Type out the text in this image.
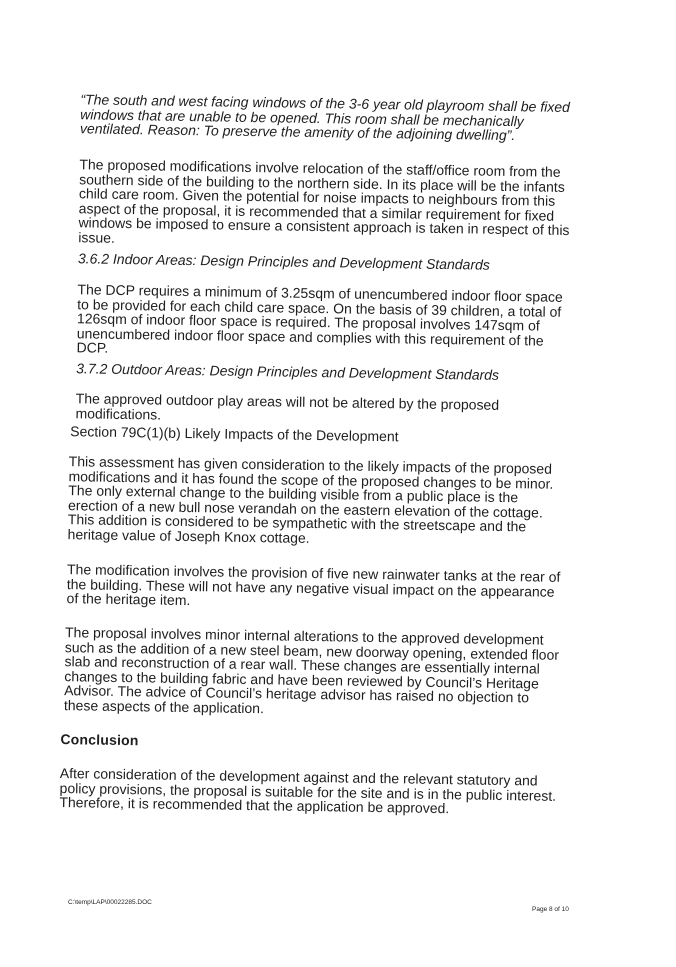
“The south and west facing windows of the 3-6 year old playroom shall be fixed windows that are unable to be opened. This room shall be mechanically ventilated. Reason: To preserve the amenity of the adjoining dwelling”.

The proposed modifications involve relocation of the staff/office room from the southern side of the building to the northern side. In its place will be the infants child care room. Given the potential for noise impacts to neighbours from this aspect of the proposal, it is recommended that a similar requirement for fixed windows be imposed to ensure a consistent approach is taken in respect of this issue.

3.6.2 Indoor Areas: Design Principles and Development Standards

The DCP requires a minimum of 3.25sqm of unencumbered indoor floor space to be provided for each child care space. On the basis of 39 children, a total of 126sqm of indoor floor space is required. The proposal involves 147sqm of unencumbered indoor floor space and complies with this requirement of the DCP.

3.7.2 Outdoor Areas: Design Principles and Development Standards

The approved outdoor play areas will not be altered by the proposed modifications.

Section 79C(1)(b) Likely Impacts of the Development

This assessment has given consideration to the likely impacts of the proposed modifications and it has found the scope of the proposed changes to be minor. The only external change to the building visible from a public place is the erection of a new bull nose verandah on the eastern elevation of the cottage. This addition is considered to be sympathetic with the streetscape and the heritage value of Joseph Knox cottage.

The modification involves the provision of five new rainwater tanks at the rear of the building. These will not have any negative visual impact on the appearance of the heritage item.

The proposal involves minor internal alterations to the approved development such as the addition of a new steel beam, new doorway opening, extended floor slab and reconstruction of a rear wall. These changes are essentially internal changes to the building fabric and have been reviewed by Council’s Heritage Advisor. The advice of Council’s heritage advisor has raised no objection to these aspects of the application.

Conclusion

After consideration of the development against and the relevant statutory and policy provisions, the proposal is suitable for the site and is in the public interest. Therefore, it is recommended that the application be approved.

C:\temp\LAP\00022285.DOC

Page 8 of 10
